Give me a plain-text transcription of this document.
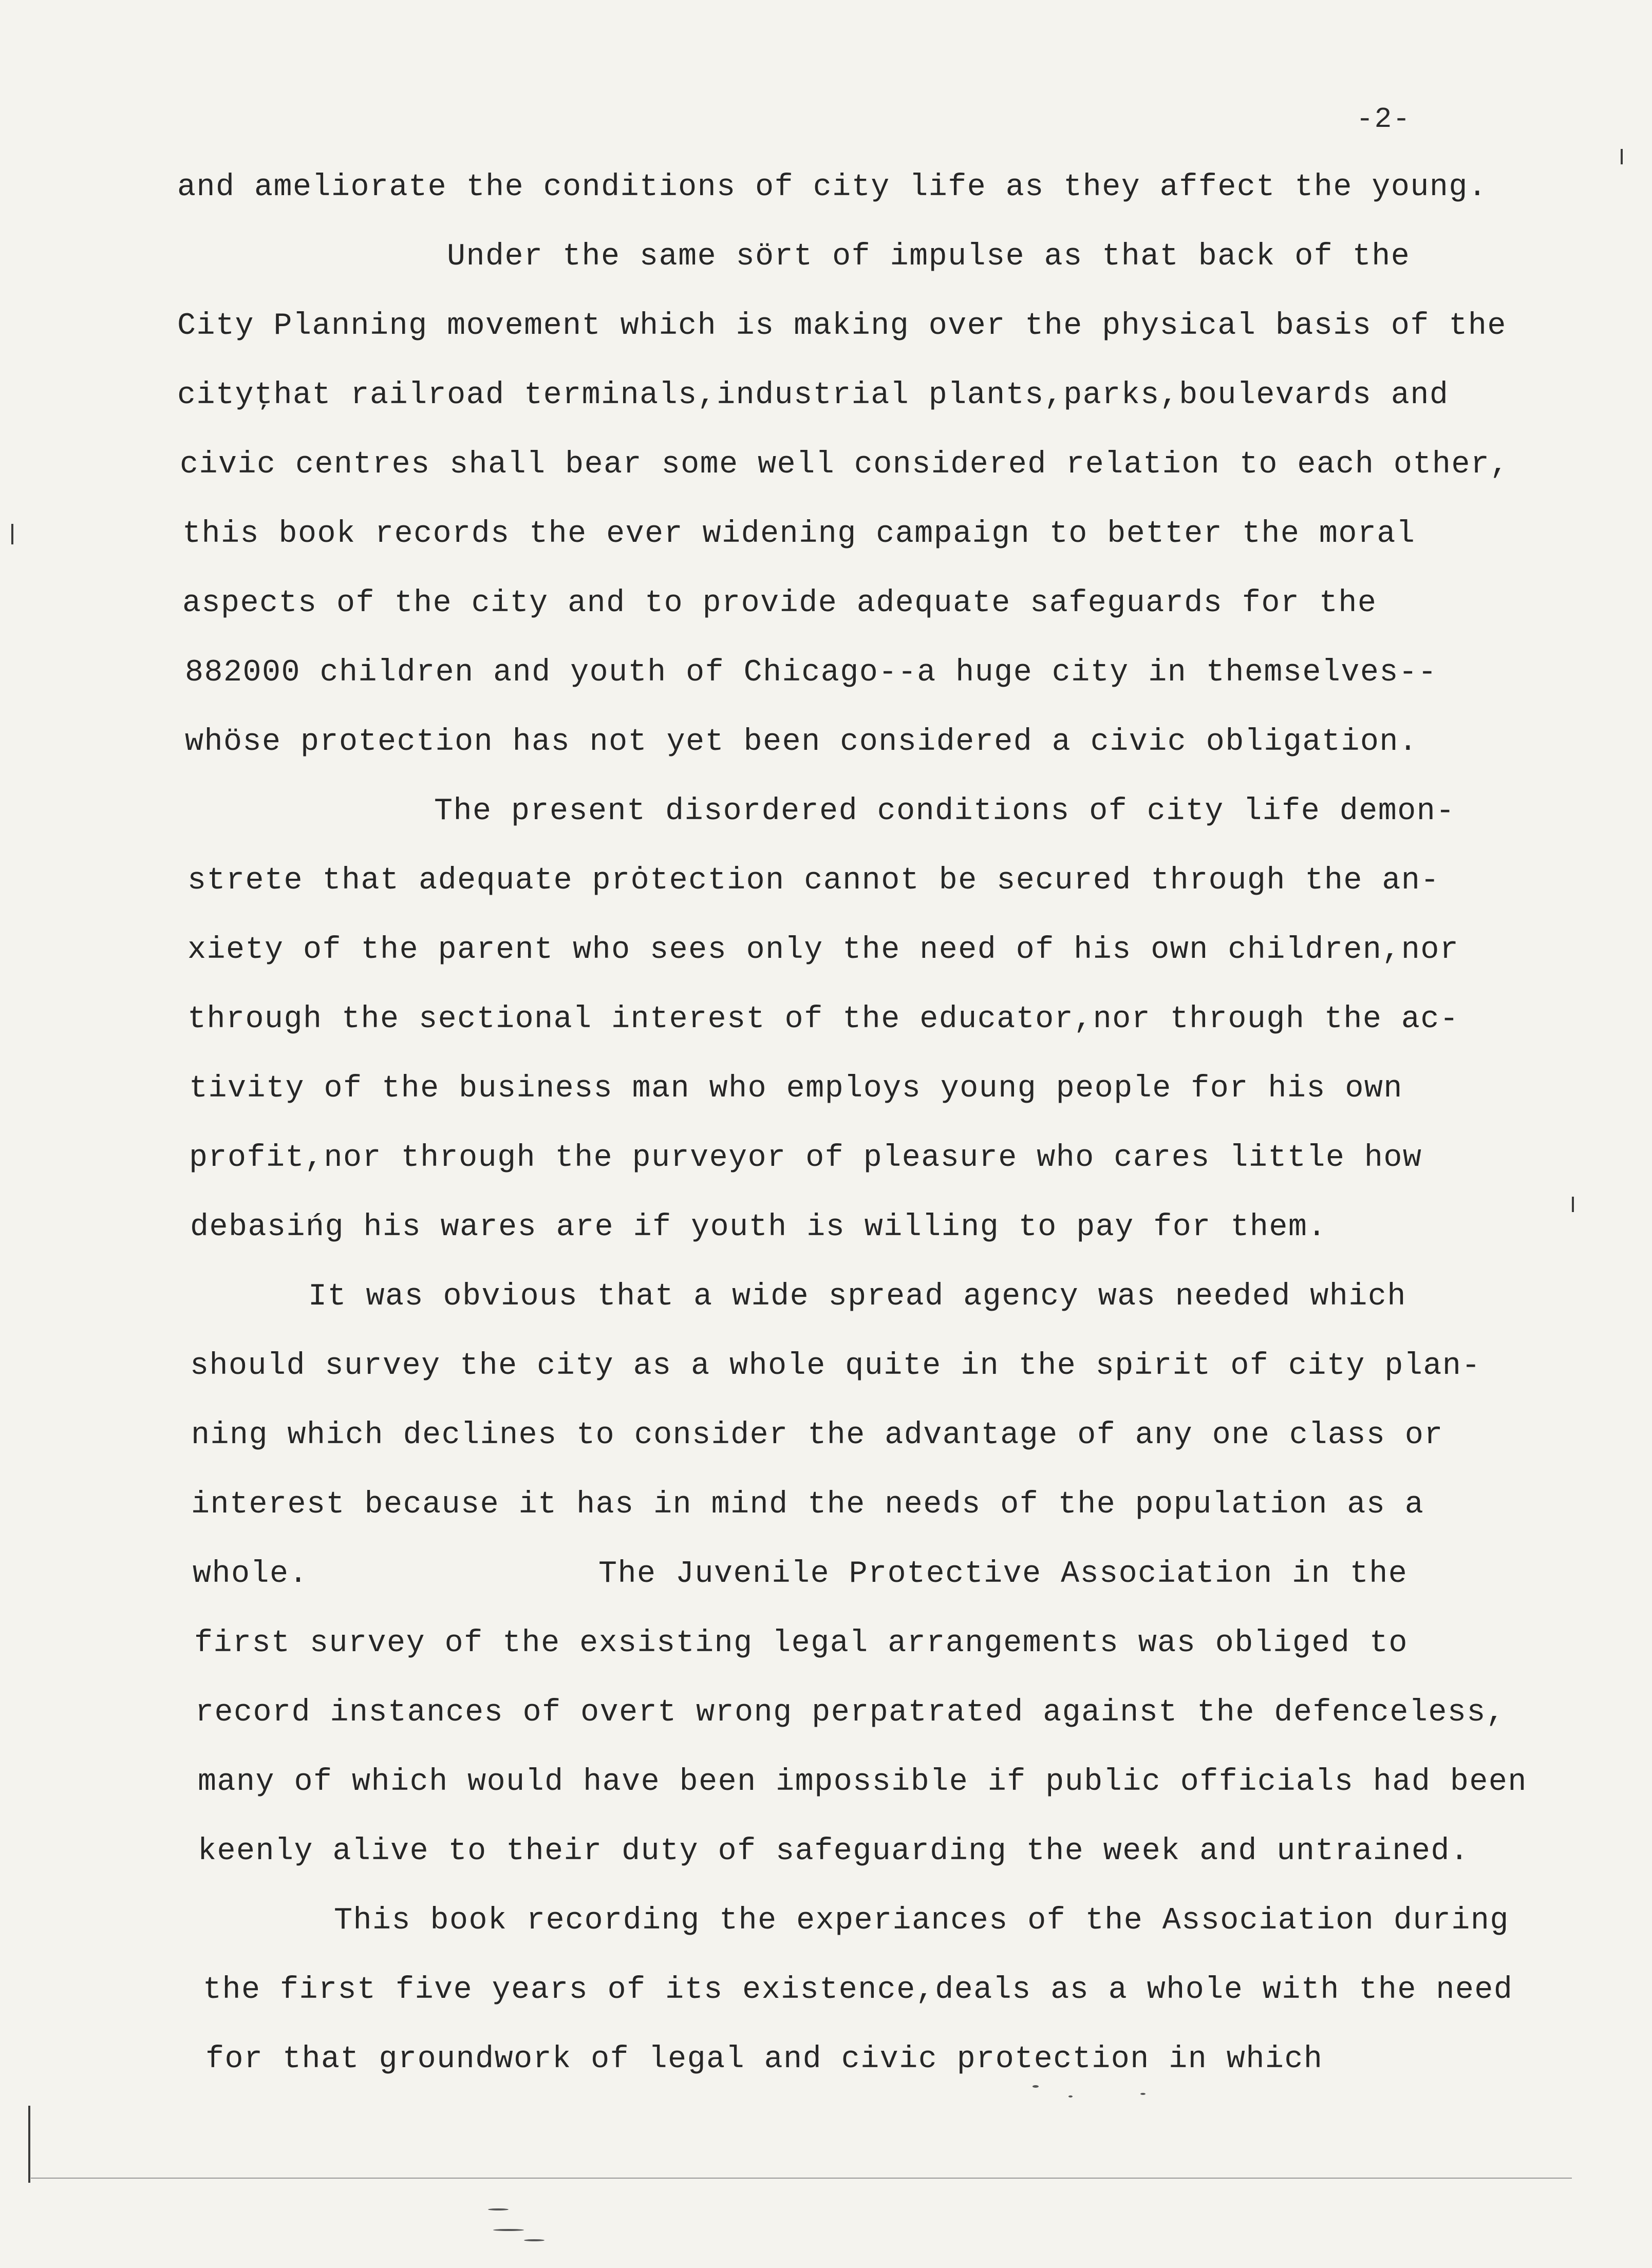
-2-
and ameliorate the conditions of city life as they affect the young.
Under the same sört of impulse as that back of the
City Planning movement which is making over the physical basis of the
cityţhat railroad terminals,industrial plants,parks,boulevards and
civic centres shall bear some well considered relation to each other,
this book records the ever widening campaign to better the moral
aspects of the city and to provide adequate safeguards for the
882000 children and youth of Chicago--a huge city in themselves--
whöse protection has not yet been considered a civic obligation.
The present disordered conditions of city life demon-
strete that adequate prȯtection cannot be secured through the an-
xiety of the parent who sees only the need of his own children,nor
through the sectional interest of the educator,nor through the ac-
tivity of the business man who employs young people for his own
profit,nor through the purveyor of pleasure who cares little how
debasińg his wares are if youth is willing to pay for them.
It was obvious that a wide spread agency was needed which
should survey the city as a whole quite in the spirit of city plan-
ning which declines to consider the advantage of any one class or
interest because it has in mind the needs of the population as a
whole.	The Juvenile Protective Association in the
first survey of the exsisting legal arrangements was obliged to
record instances of overt wrong perpatrated against the defenceless,
many of which would have been impossible if public officials had been
keenly alive to their duty of safeguarding the week and untrained.
This book recording the experiances of the Association during
the first five years of its existence,deals as a whole with the need
for that groundwork of legal and civic protection in which
